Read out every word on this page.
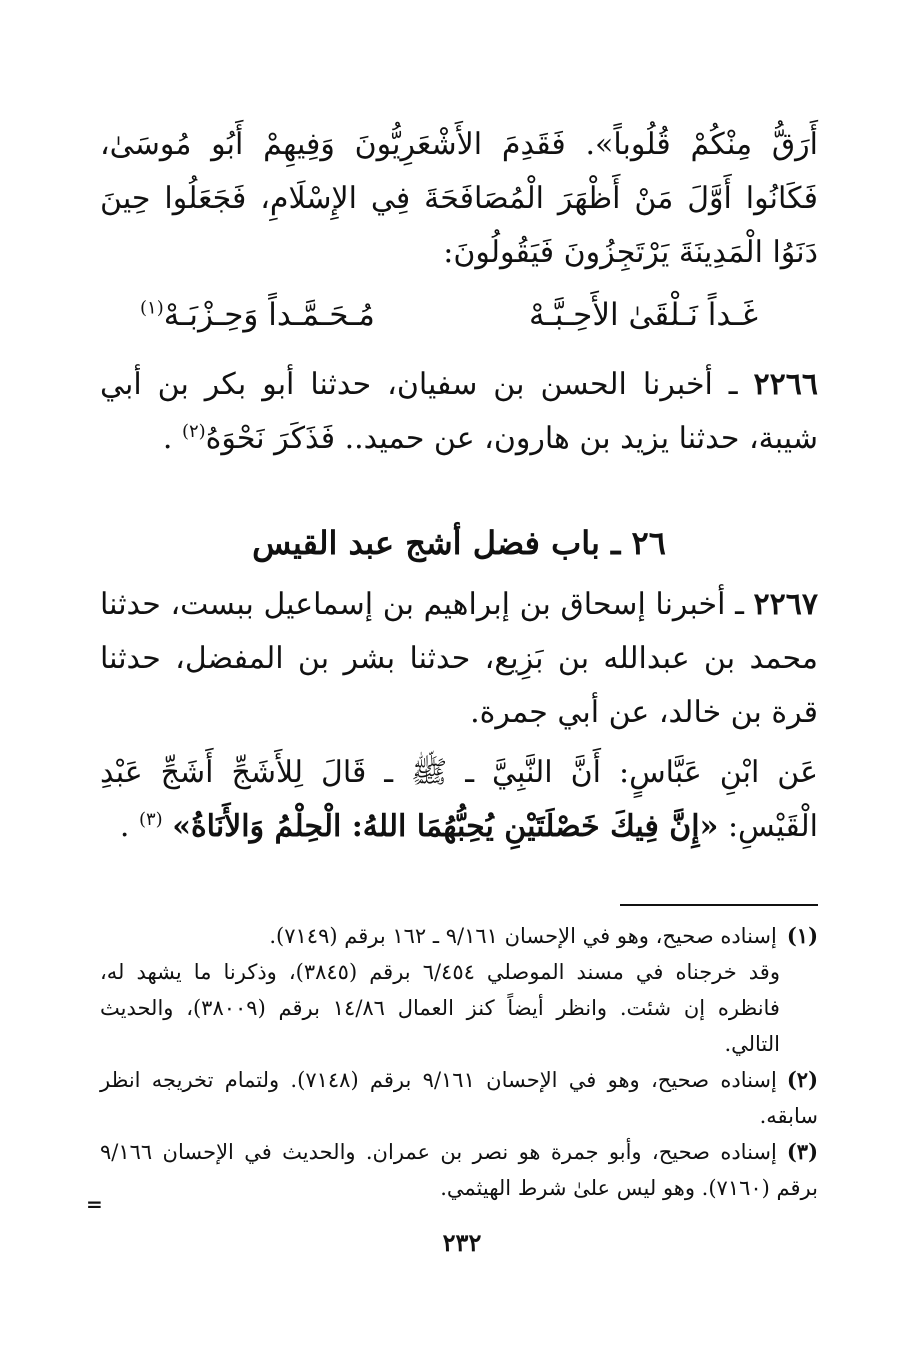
أَرَقُّ مِنْكُمْ قُلُوباً». فَقَدِمَ الأَشْعَرِيُّونَ وَفِيهِمْ أَبُو مُوسَىٰ، فَكَانُوا أَوَّلَ مَنْ أَظْهَرَ الْمُصَافَحَةَ فِي الإِسْلَامِ، فَجَعَلُوا حِينَ دَنَوُا الْمَدِينَةَ يَرْتَجِزُونَ فَيَقُولُونَ:

غَـداً نَـلْقَىٰ الأَحِـبَّـهْ
مُـحَـمَّـداً وَحِـزْبَـهْ$^{(١)}$

٢٢٦٦ ـ أخبرنا الحسن بن سفيان، حدثنا أبو بكر بن أبي شيبة، حدثنا يزيد بن هارون، عن حميد.. فَذَكَرَ نَحْوَهُ$^{(٢)}$ .

٢٦ ـ باب فضل أشج عبد القيس

٢٢٦٧ ـ أخبرنا إسحاق بن إبراهيم بن إسماعيل ببست، حدثنا محمد بن عبدالله بن بَزِيع، حدثنا بشر بن المفضل، حدثنا قرة بن خالد، عن أبي جمرة.

عَن ابْنِ عَبَّاسٍ: أَنَّ النَّبِيَّ ـ ﷺ ـ قَالَ لِلأَشَجِّ أَشَجِّ عَبْدِ الْقَيْسِ: «إِنَّ فِيكَ خَصْلَتَيْنِ يُحِبُّهُمَا اللهُ: الْحِلْمُ وَالأَنَاةُ» $^{(٣)}$ .

(١)إسناده صحيح، وهو في الإحسان ٩/١٦١ ـ ١٦٢ برقم (٧١٤٩).

وقد خرجناه في مسند الموصلي ٦/٤٥٤ برقم (٣٨٤٥)، وذكرنا ما يشهد له، فانظره إن شئت. وانظر أيضاً كنز العمال ١٤/٨٦ برقم (٣٨٠٠٩)، والحديث التالي.

(٢)إسناده صحيح، وهو في الإحسان ٩/١٦١ برقم (٧١٤٨). ولتمام تخريجه انظر سابقه.

(٣)إسناده صحيح، وأبو جمرة هو نصر بن عمران. والحديث في الإحسان ٩/١٦٦ برقم (٧١٦٠). وهو ليس علىٰ شرط الهيثمي.

=
٢٣٢
